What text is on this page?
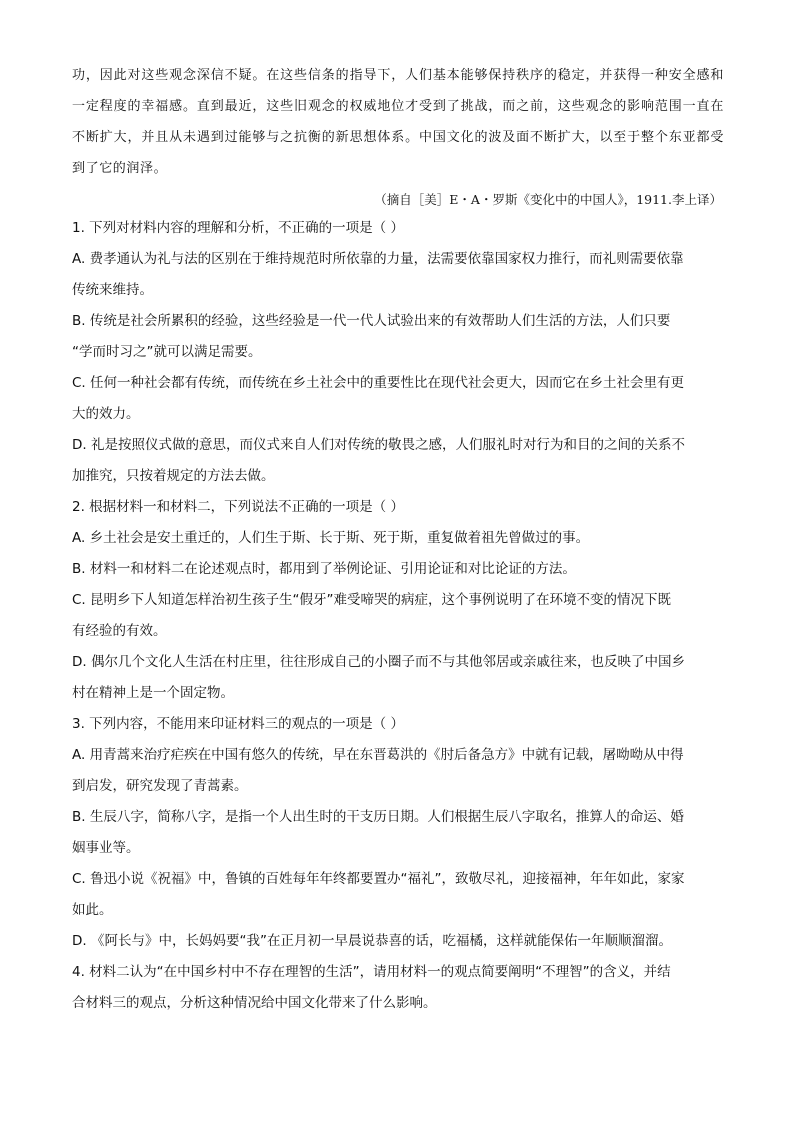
功，因此对这些观念深信不疑。在这些信条的指导下，人们基本能够保持秩序的稳定，并获得一种安全感和一定程度的幸福感。直到最近，这些旧观念的权威地位才受到了挑战，而之前，这些观念的影响范围一直在不断扩大，并且从未遇到过能够与之抗衡的新思想体系。中国文化的波及面不断扩大，以至于整个东亚都受到了它的润泽。
（摘自［美］E・A・罗斯《变化中的中国人》，1911.李上译）
1. 下列对材料内容的理解和分析，不正确的一项是（ ）
A. 费孝通认为礼与法的区别在于维持规范时所依靠的力量，法需要依靠国家权力推行，而礼则需要依靠
传统来维持。
B. 传统是社会所累积的经验，这些经验是一代一代人试验出来的有效帮助人们生活的方法，人们只要
“学而时习之”就可以满足需要。
C. 任何一种社会都有传统，而传统在乡土社会中的重要性比在现代社会更大，因而它在乡土社会里有更
大的效力。
D. 礼是按照仪式做的意思，而仪式来自人们对传统的敬畏之感，人们服礼时对行为和目的之间的关系不
加推究，只按着规定的方法去做。
2. 根据材料一和材料二，下列说法不正确的一项是（ ）
A. 乡土社会是安土重迁的，人们生于斯、长于斯、死于斯，重复做着祖先曾做过的事。
B. 材料一和材料二在论述观点时，都用到了举例论证、引用论证和对比论证的方法。
C. 昆明乡下人知道怎样治初生孩子生“假牙”难受啼哭的病症，这个事例说明了在环境不变的情况下既
有经验的有效。
D. 偶尔几个文化人生活在村庄里，往往形成自己的小圈子而不与其他邻居或亲戚往来，也反映了中国乡
村在精神上是一个固定物。
3. 下列内容，不能用来印证材料三的观点的一项是（ ）
A. 用青蒿来治疗疟疾在中国有悠久的传统，早在东晋葛洪的《肘后备急方》中就有记载，屠呦呦从中得
到启发，研究发现了青蒿素。
B. 生辰八字，简称八字，是指一个人出生时的干支历日期。人们根据生辰八字取名，推算人的命运、婚
姻事业等。
C. 鲁迅小说《祝福》中，鲁镇的百姓每年年终都要置办“福礼”，致敬尽礼，迎接福神，年年如此，家家
如此。
D. 《阿长与》中，长妈妈要“我”在正月初一早晨说恭喜的话，吃福橘，这样就能保佑一年顺顺溜溜。
4. 材料二认为“在中国乡村中不存在理智的生活”，请用材料一的观点简要阐明“不理智”的含义，并结
合材料三的观点，分析这种情况给中国文化带来了什么影响。
